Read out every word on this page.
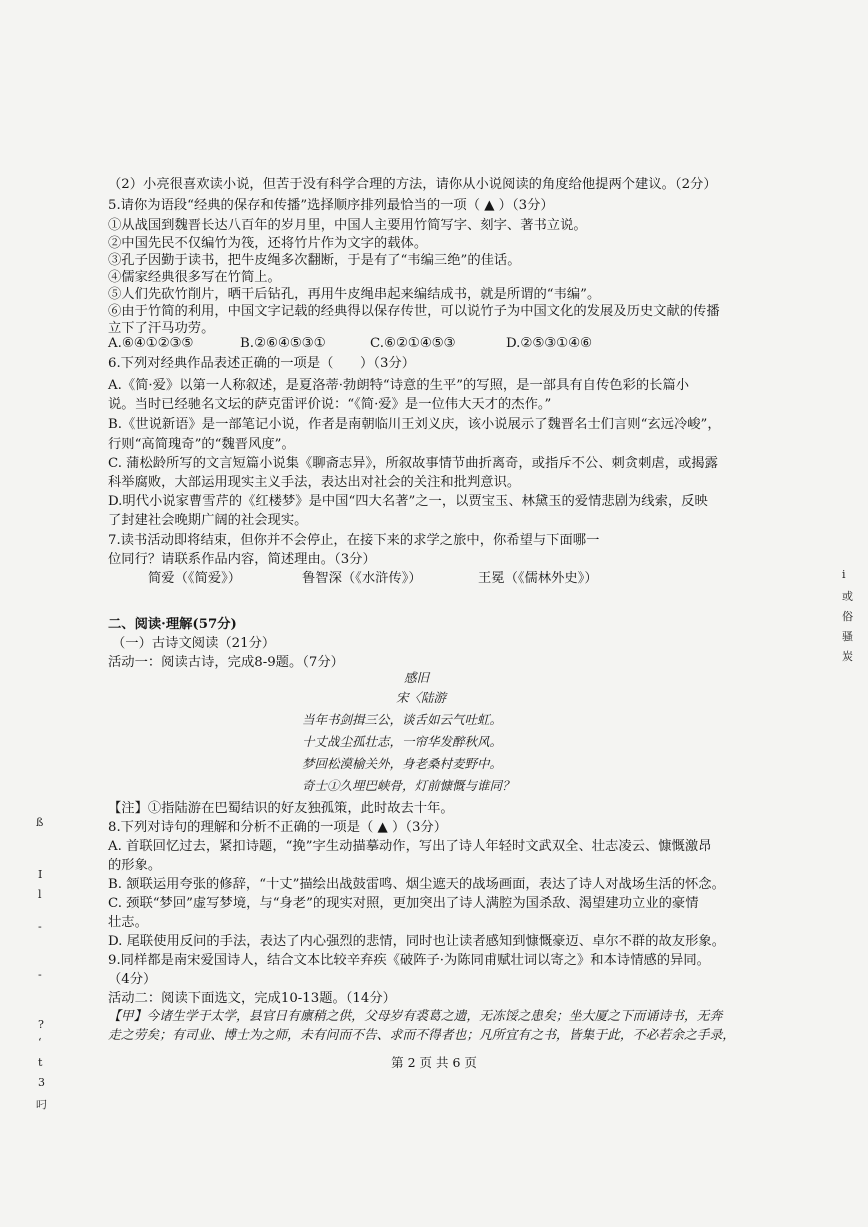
（2）小亮很喜欢读小说，但苦于没有科学合理的方法，请你从小说阅读的角度给他提两个建议。（2分）
5.请你为语段“经典的保存和传播”选择顺序排列最恰当的一项（ ▲ ）（3分）
①从战国到魏晋长达八百年的岁月里，中国人主要用竹简写字、刻字、著书立说。
②中国先民不仅编竹为筏，还将竹片作为文字的载体。
③孔子因勤于读书，把牛皮绳多次翻断，于是有了“韦编三绝”的佳话。
④儒家经典很多写在竹简上。
⑤人们先砍竹削片，晒干后钻孔，再用牛皮绳串起来编结成书，就是所谓的“韦编”。
⑥由于竹简的利用，中国文字记载的经典得以保存传世，可以说竹子为中国文化的发展及历史文献的传播
立下了汗马功劳。
A.⑥④①②③⑤	B.②⑥④⑤③①	C.⑥②①④⑤③	D.②⑤③①④⑥
6.下列对经典作品表述正确的一项是（　　）（3分）
A.《简·爱》以第一人称叙述，是夏洛蒂·勃朗特“诗意的生平”的写照，是一部具有自传色彩的长篇小
说。当时已经驰名文坛的萨克雷评价说：“《简·爱》是一位伟大天才的杰作。”
B.《世说新语》是一部笔记小说，作者是南朝临川王刘义庆，该小说展示了魏晋名士们言则“玄远冷峻”，
行则“高简瑰奇”的“魏晋风度”。
C. 蒲松龄所写的文言短篇小说集《聊斋志异》，所叙故事情节曲折离奇，或指斥不公、刺贪刺虐，或揭露
科举腐败，大部运用现实主义手法，表达出对社会的关注和批判意识。
D.明代小说家曹雪芹的《红楼梦》是中国“四大名著”之一，以贾宝玉、林黛玉的爱情悲剧为线索，反映
了封建社会晚期广阔的社会现实。
7.读书活动即将结束，但你并不会停止，在接下来的求学之旅中，你希望与下面哪一
位同行？请联系作品内容，简述理由。（3分）
简爱（《简爱》）	鲁智深（《水浒传》）	王冕（《儒林外史》）
二、阅读·理解(57分)
（一）古诗文阅读（21分）
活动一：阅读古诗，完成8-9题。（7分）
感旧
宋〈陆游
当年书剑揖三公，谈舌如云气吐虹。
十丈战尘孤壮志，一帘华发醉秋风。
梦回松漠榆关外，身老桑村麦野中。
奇士①久埋巴峡骨，灯前慷慨与谁同？
【注】①指陆游在巴蜀结识的好友独孤策，此时故去十年。
8.下列对诗句的理解和分析不正确的一项是（ ▲ ）（3分）
A. 首联回忆过去，紧扣诗题，“挽”字生动描摹动作，写出了诗人年轻时文武双全、壮志凌云、慷慨激昂
的形象。
B. 颔联运用夸张的修辞，“十丈”描绘出战鼓雷鸣、烟尘遮天的战场画面，表达了诗人对战场生活的怀念。
C. 颈联“梦回”虚写梦境，与“身老”的现实对照，更加突出了诗人满腔为国杀敌、渴望建功立业的豪情
壮志。
D. 尾联使用反问的手法，表达了内心强烈的悲情，同时也让读者感知到慷慨豪迈、卓尔不群的故友形象。
9.同样都是南宋爱国诗人，结合文本比较辛弃疾《破阵子·为陈同甫赋壮词以寄之》和本诗情感的异同。
（4分）
活动二：阅读下面选文，完成10-13题。（14分）
【甲】今诸生学于太学，县官日有廪稍之供，父母岁有裘葛之遗，无冻馁之患矣；坐大厦之下而诵诗书，无奔
走之劳矣；有司业、博士为之师，未有问而不告、求而不得者也；凡所宜有之书，皆集于此，不必若余之手录，
第 2 页 共 6 页
i
或
俗
骚
炭
ß
I
l
-
-
?
‘
t
3
叼
